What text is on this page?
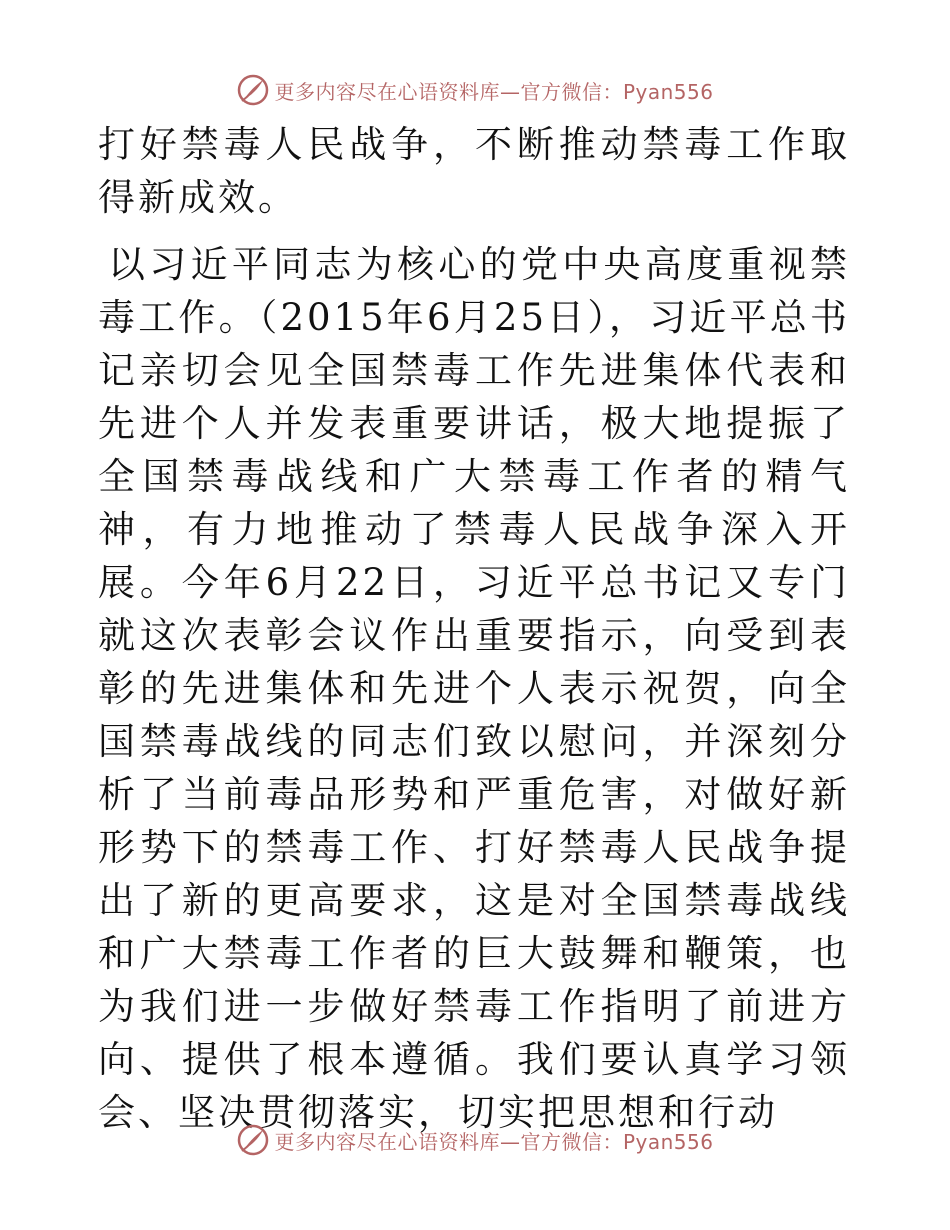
更多内容尽在心语资料库—官方微信：Pyan556

打好禁毒人民战争，不断推动禁毒工作取得新成效。

以习近平同志为核心的党中央高度重视禁毒工作。（2015年6月25日），习近平总书记亲切会见全国禁毒工作先进集体代表和先进个人并发表重要讲话，极大地提振了全国禁毒战线和广大禁毒工作者的精气神，有力地推动了禁毒人民战争深入开展。今年6月22日，习近平总书记又专门就这次表彰会议作出重要指示，向受到表彰的先进集体和先进个人表示祝贺，向全国禁毒战线的同志们致以慰问，并深刻分析了当前毒品形势和严重危害，对做好新形势下的禁毒工作、打好禁毒人民战争提出了新的更高要求，这是对全国禁毒战线和广大禁毒工作者的巨大鼓舞和鞭策，也为我们进一步做好禁毒工作指明了前进方向、提供了根本遵循。我们要认真学习领会、坚决贯彻落实，切实把思想和行动

更多内容尽在心语资料库—官方微信：Pyan556
